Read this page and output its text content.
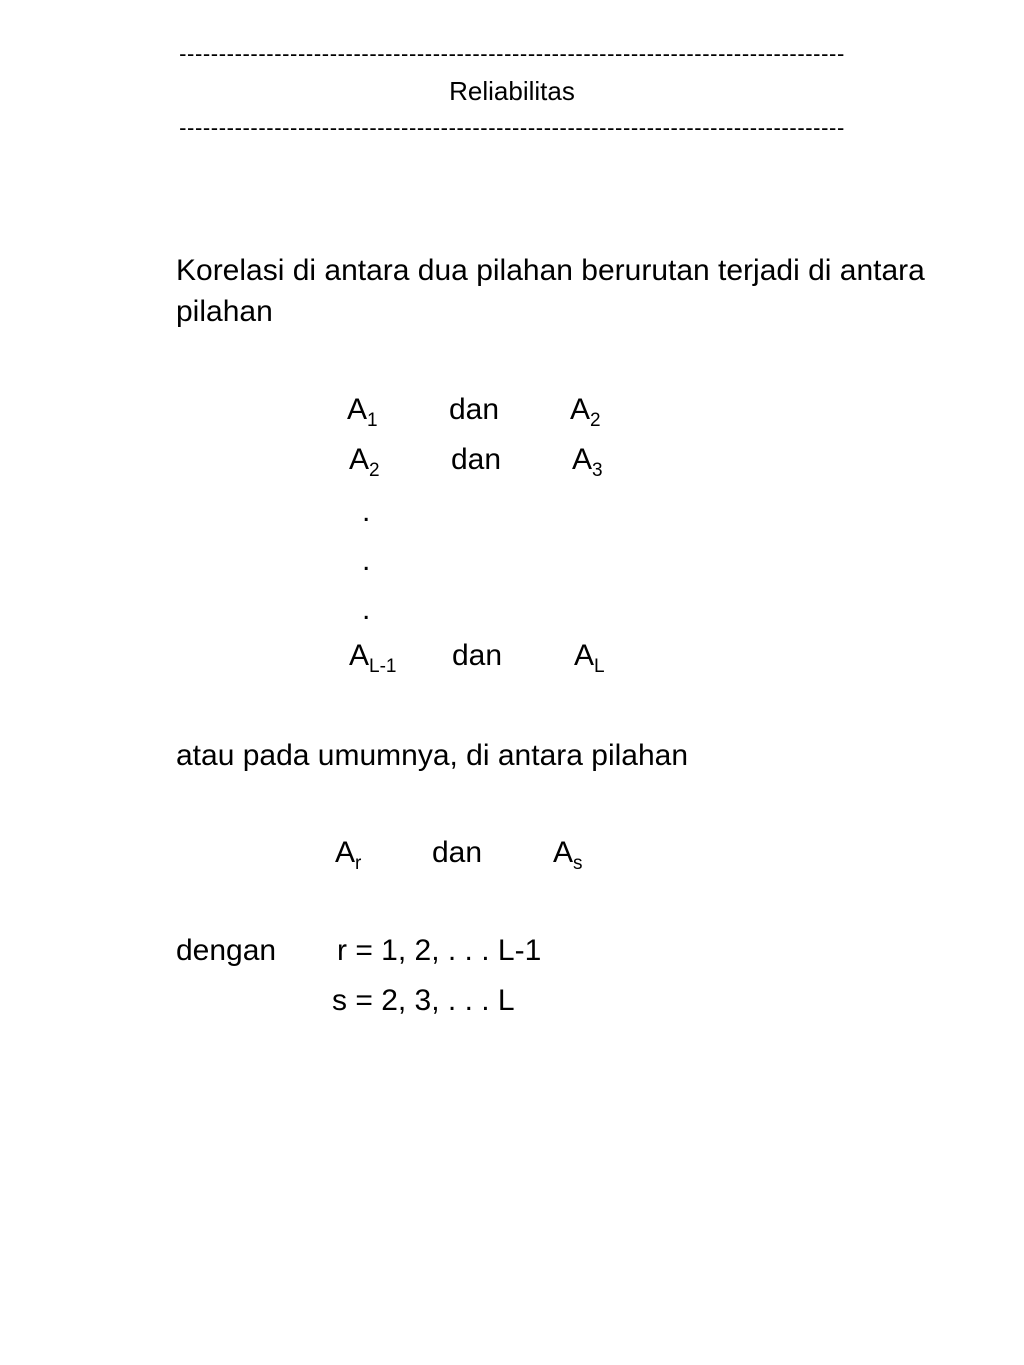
------------------------------------------------------------------------------------
Reliabilitas
------------------------------------------------------------------------------------

Korelasi di antara dua pilahan berurutan terjadi di antara pilahan

$A_1$ dan $A_2$
$A_2$ dan $A_3$
.
.
.
$A_{L-1}$ dan $A_L$

atau pada umumnya, di antara pilahan

$A_r$ dan $A_s$
dengan r = 1, 2, . . . L-1
s = 2, 3, . . . L
